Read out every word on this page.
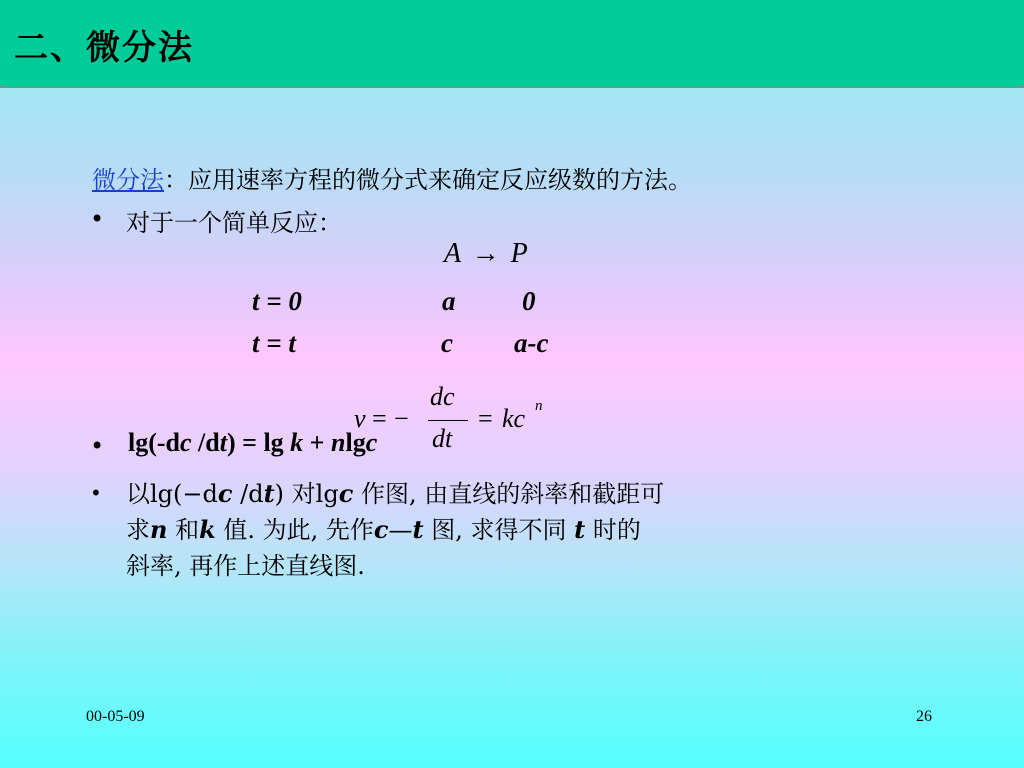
二、微分法
微分法：应用速率方程的微分式来确定反应级数的方法。
• 对于一个简单反应：
A → P
t = 0	a 0
t = t	c a-c
v = −
dc
dt
= kc n
• lg(-dc /dt) = lg k + nlgc
• 以lg(−dc /dt) 对lgc 作图, 由直线的斜率和截距可
求n 和k 值. 为此, 先作c—t 图, 求得不同 t 时的
斜率, 再作上述直线图.
00-05-09	26
